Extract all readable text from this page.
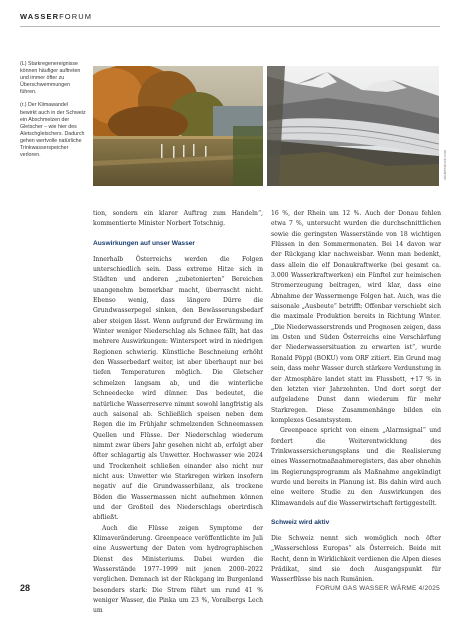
WASSERFORUM

(L) Starkregenereignisse können häufiger auftreten und immer öfter zu Überschwemmungen führen.

(r.) Der Klimawandel bewirkt auch in der Schweiz ein Abschmelzen der Gletscher – wie hier des Aletschgletschers. Dadurch gehen wertvolle natürliche Trinkwasserspeicher verloren.	shutterstock.com

tion, sondern ein klarer Auftrag zum Handeln“, kommentierte Minister Norbert Totschnig.

Auswirkungen auf unser Wasser

Innerhalb Österreichs werden die Folgen unterschiedlich sein. Dass extreme Hitze sich in Städten und anderen „zubetonierten“ Bereichen unangenehm bemerkbar macht, überrascht nicht. Ebenso wenig, dass längere Dürre die Grundwasserpegel sinken, den Bewässerungsbedarf aber steigen lässt. Wenn aufgrund der Erwärmung im Winter weniger Niederschlag als Schnee fällt, hat das mehrere Auswirkungen: Wintersport wird in niedrigen Regionen schwierig. Künstliche Beschneiung erhöht den Wasserbedarf weiter, ist aber überhaupt nur bei tiefen Temperaturen möglich. Die Gletscher schmelzen langsam ab, und die winterliche Schneedecke wird dünner. Das bedeutet, die natürliche Wasserreserve nimmt sowohl langfristig als auch saisonal ab. Schließlich speisen neben dem Regen die im Frühjahr schmelzenden Schneemassen Quellen und Flüsse. Der Niederschlag wiederum nimmt zwar übers Jahr gesehen nicht ab, erfolgt aber öfter schlagartig als Unwetter. Hochwasser wie 2024 und Trockenheit schließen einander also nicht nur nicht aus: Unwetter wie Starkregen wirken insofern negativ auf die Grundwasserbilanz, als trockene Böden die Wassermassen nicht aufnehmen können und der Großteil des Niederschlags oberirdisch abfließt.

Auch die Flüsse zeigen Symptome der Klimaveränderung. Greenpeace veröffentlichte im Juli eine Auswertung der Daten vom hydrographischen Dienst des Ministeriums. Dabei wurden die Wasserstände 1977–1999 mit jenen 2000–2022 verglichen. Demnach ist der Rückgang im Burgenland besonders stark: Die Strem führt um rund 41 % weniger Wasser, die Pinka um 23 %, Voralbergs Lech um

16 %, der Rhein um 12 %. Auch der Donau fehlen etwa 7 %, untersucht wurden die durchschnittlichen sowie die geringsten Wasserstände von 18 wichtigen Flüssen in den Sommermonaten. Bei 14 davon war der Rückgang klar nachweisbar. Wenn man bedenkt, dass allein die elf Donaukraftwerke (bei gesamt ca. 3.000 Wasserkraftwerken) ein Fünftel zur heimischen Stromerzeugung beitragen, wird klar, dass eine Abnahme der Wassermenge Folgen hat. Auch, was die saisonale „Ausbeute“ betrifft: Offenbar verschiebt sich die maximale Produktion bereits in Richtung Winter. „Die Niederwasserstrends und Prognosen zeigen, dass im Osten und Süden Österreichs eine Verschärfung der Niederwassersituation zu erwarten ist“, wurde Ronald Pöppl (BOKU) vom ORF zitiert. Ein Grund mag sein, dass mehr Wasser durch stärkere Verdunstung in der Atmosphäre landet statt im Flussbett, +17 % in den letzten vier Jahrzehnten. Und dort sorgt der aufgeladene Dunst dann wiederum für mehr Starkregen. Diese Zusammenhänge bilden ein komplexes Gesamtsystem.

Greenpeace spricht von einem „Alarmsignal“ und fordert die Weiterentwicklung des Trinkwassersicherungsplans und die Realisierung eines Wassernotmaßnahmeregisters, das aber ohnehin im Regierungsprogramm als Maßnahme angekündigt wurde und bereits in Planung ist. Bis dahin wird auch eine weitere Studie zu den Auswirkungen des Klimawandels auf die Wasserwirtschaft fertiggestellt.

Schweiz wird aktiv

Die Schweiz nennt sich womöglich noch öfter „Wasserschloss Europas“ als Österreich. Beide mit Recht, denn in Wirklichkeit verdienen die Alpen dieses Prädikat, sind sie doch Ausgangspunkt für Wasserflüsse bis nach Rumänien.

28	FORUM GAS WASSER WÄRME 4/2025
